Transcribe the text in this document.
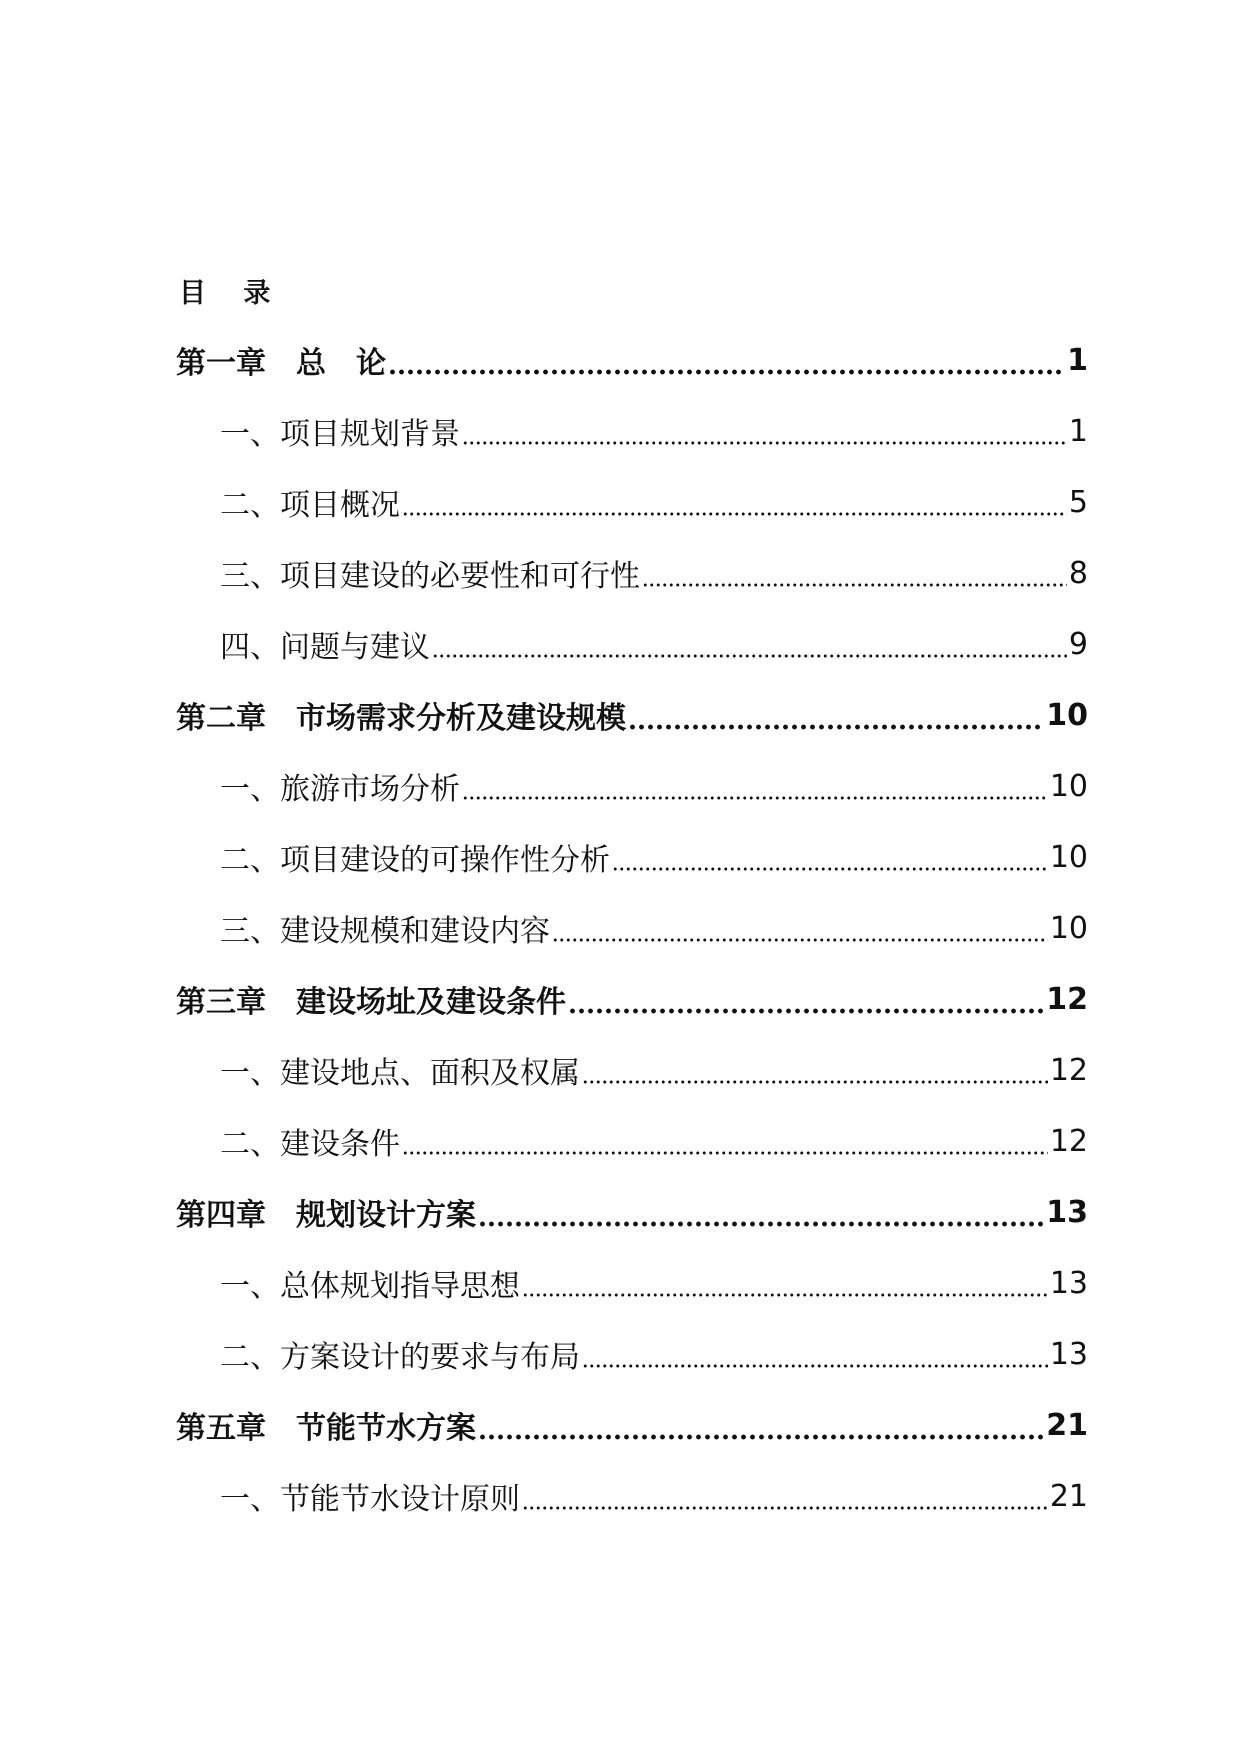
目 录
第一章　总　论	1
一、项目规划背景	1
二、项目概况	5
三、项目建设的必要性和可行性	8
四、问题与建议	9
第二章　市场需求分析及建设规模	10
一、旅游市场分析	10
二、项目建设的可操作性分析	10
三、建设规模和建设内容	10
第三章　建设场址及建设条件	12
一、建设地点、面积及权属	12
二、建设条件	12
第四章　规划设计方案	13
一、总体规划指导思想	13
二、方案设计的要求与布局	13
第五章　节能节水方案	21
一、节能节水设计原则	21
